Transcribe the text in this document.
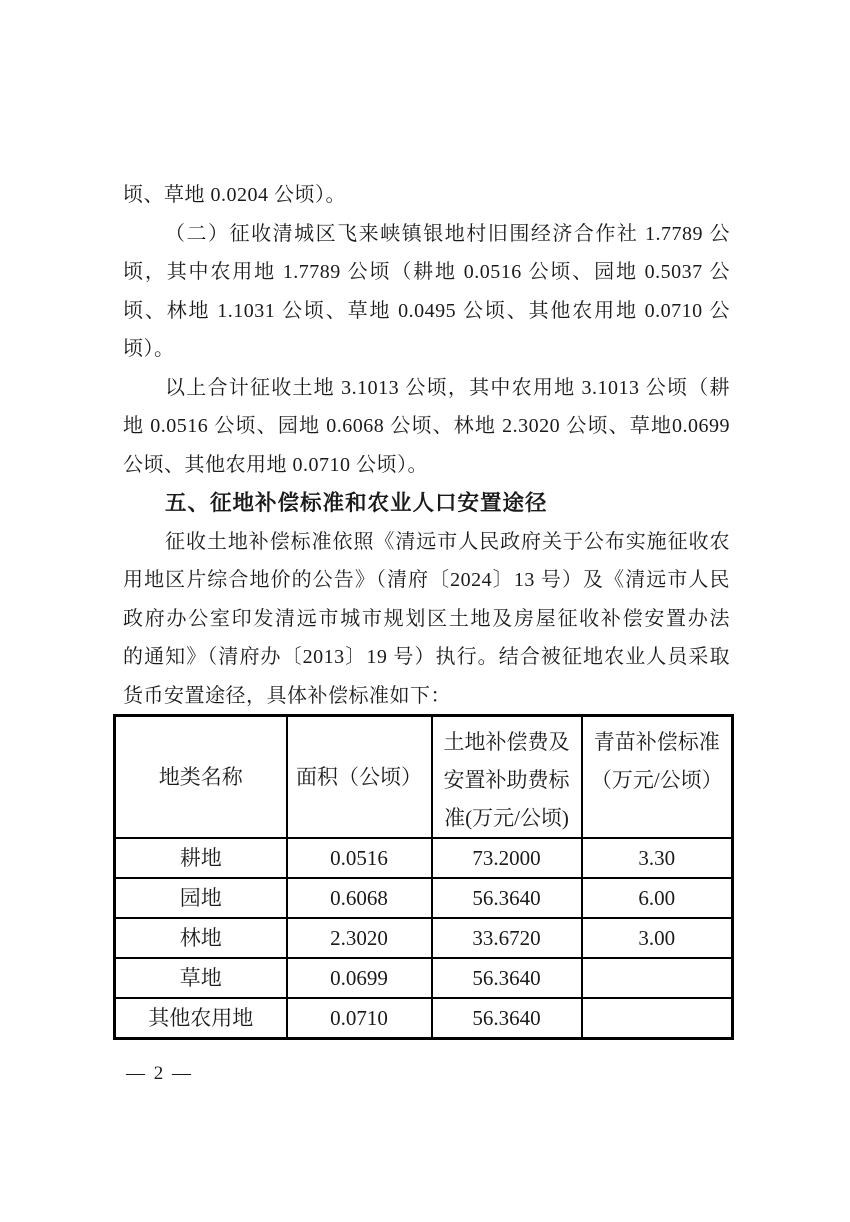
顷、草地 0.0204 公顷）。
（二）征收清城区飞来峡镇银地村旧围经济合作社 1.7789 公
顷，其中农用地 1.7789 公顷（耕地 0.0516 公顷、园地 0.5037 公
顷、林地 1.1031 公顷、草地 0.0495 公顷、其他农用地 0.0710 公
顷）。
以上合计征收土地 3.1013 公顷，其中农用地 3.1013 公顷（耕
地 0.0516 公顷、园地 0.6068 公顷、林地 2.3020 公顷、草地0.0699
公顷、其他农用地 0.0710 公顷）。
五、征地补偿标准和农业人口安置途径
征收土地补偿标准依照《清远市人民政府关于公布实施征收农
用地区片综合地价的公告》（清府〔2024〕13 号）及《清远市人民
政府办公室印发清远市城市规划区土地及房屋征收补偿安置办法
的通知》（清府办〔2013〕19 号）执行。结合被征地农业人员采取
货币安置途径，具体补偿标准如下：
地类名称	面积（公顷）	土地补偿费及
安置补助费标
准(万元/公顷)	青苗补偿标准
（万元/公顷）

耕地	0.0516	73.2000	3.30
园地	0.6068	56.3640	6.00
林地	2.3020	33.6720	3.00
草地	0.0699	56.3640	
其他农用地	0.0710	56.3640	
— 2 —
